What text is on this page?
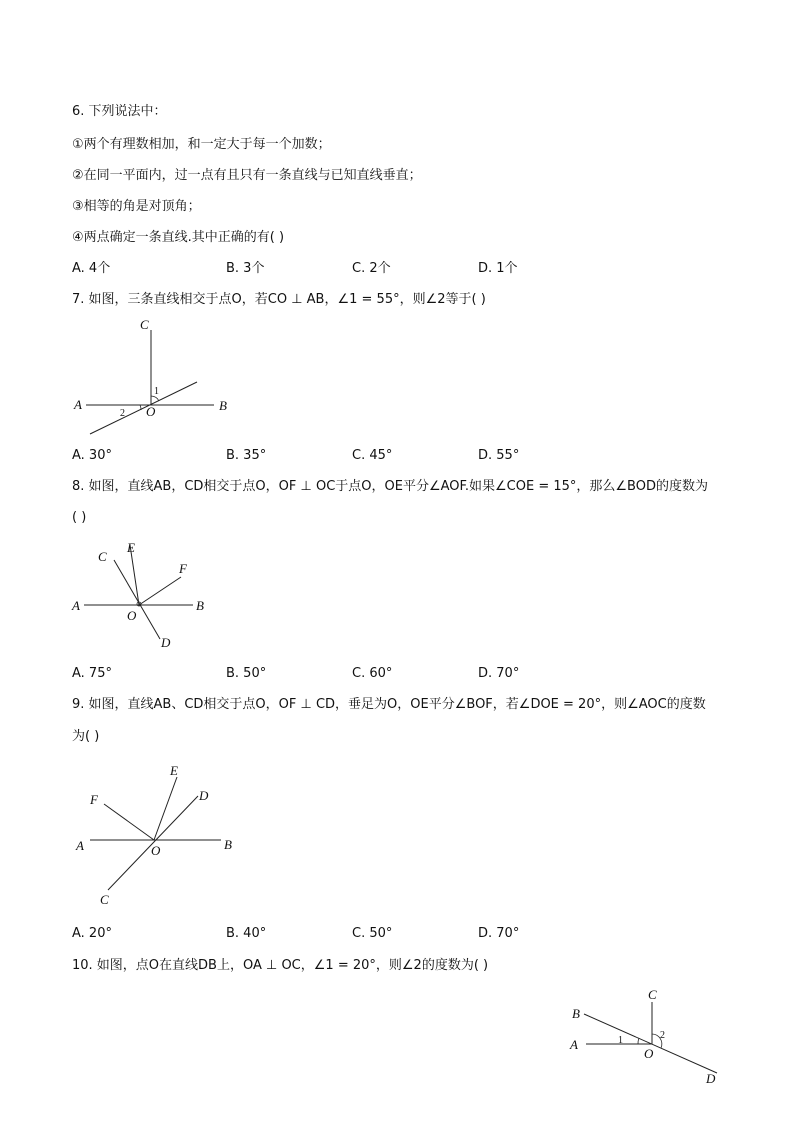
6. 下列说法中：
①两个有理数相加，和一定大于每一个加数；
②在同一平面内，过一点有且只有一条直线与已知直线垂直；
③相等的角是对顶角；
④两点确定一条直线.其中正确的有( )
A. 4个	B. 3个	C. 2个	D. 1个
7. 如图，三条直线相交于点O，若CO ⊥ AB，∠1 = 55°，则∠2等于( )
C
A	B
O
1
2
A. 30°	B. 35°	C. 45°	D. 55°
8. 如图，直线AB，CD相交于点O，OF ⊥ OC于点O，OE平分∠AOF.如果∠COE = 15°，那么∠BOD的度数为
( )
C
E
F
A	B
O
D
A. 75°	B. 50°	C. 60°	D. 70°
9. 如图，直线AB、CD相交于点O，OF ⊥ CD，垂足为O，OE平分∠BOF，若∠DOE = 20°，则∠AOC的度数
为( )
E
D
F
A	O	B
C
A. 20°	B. 40°	C. 50°	D. 70°
10. 如图，点O在直线DB上，OA ⊥ OC，∠1 = 20°，则∠2的度数为( )
C
B
A	1	2
O
D
